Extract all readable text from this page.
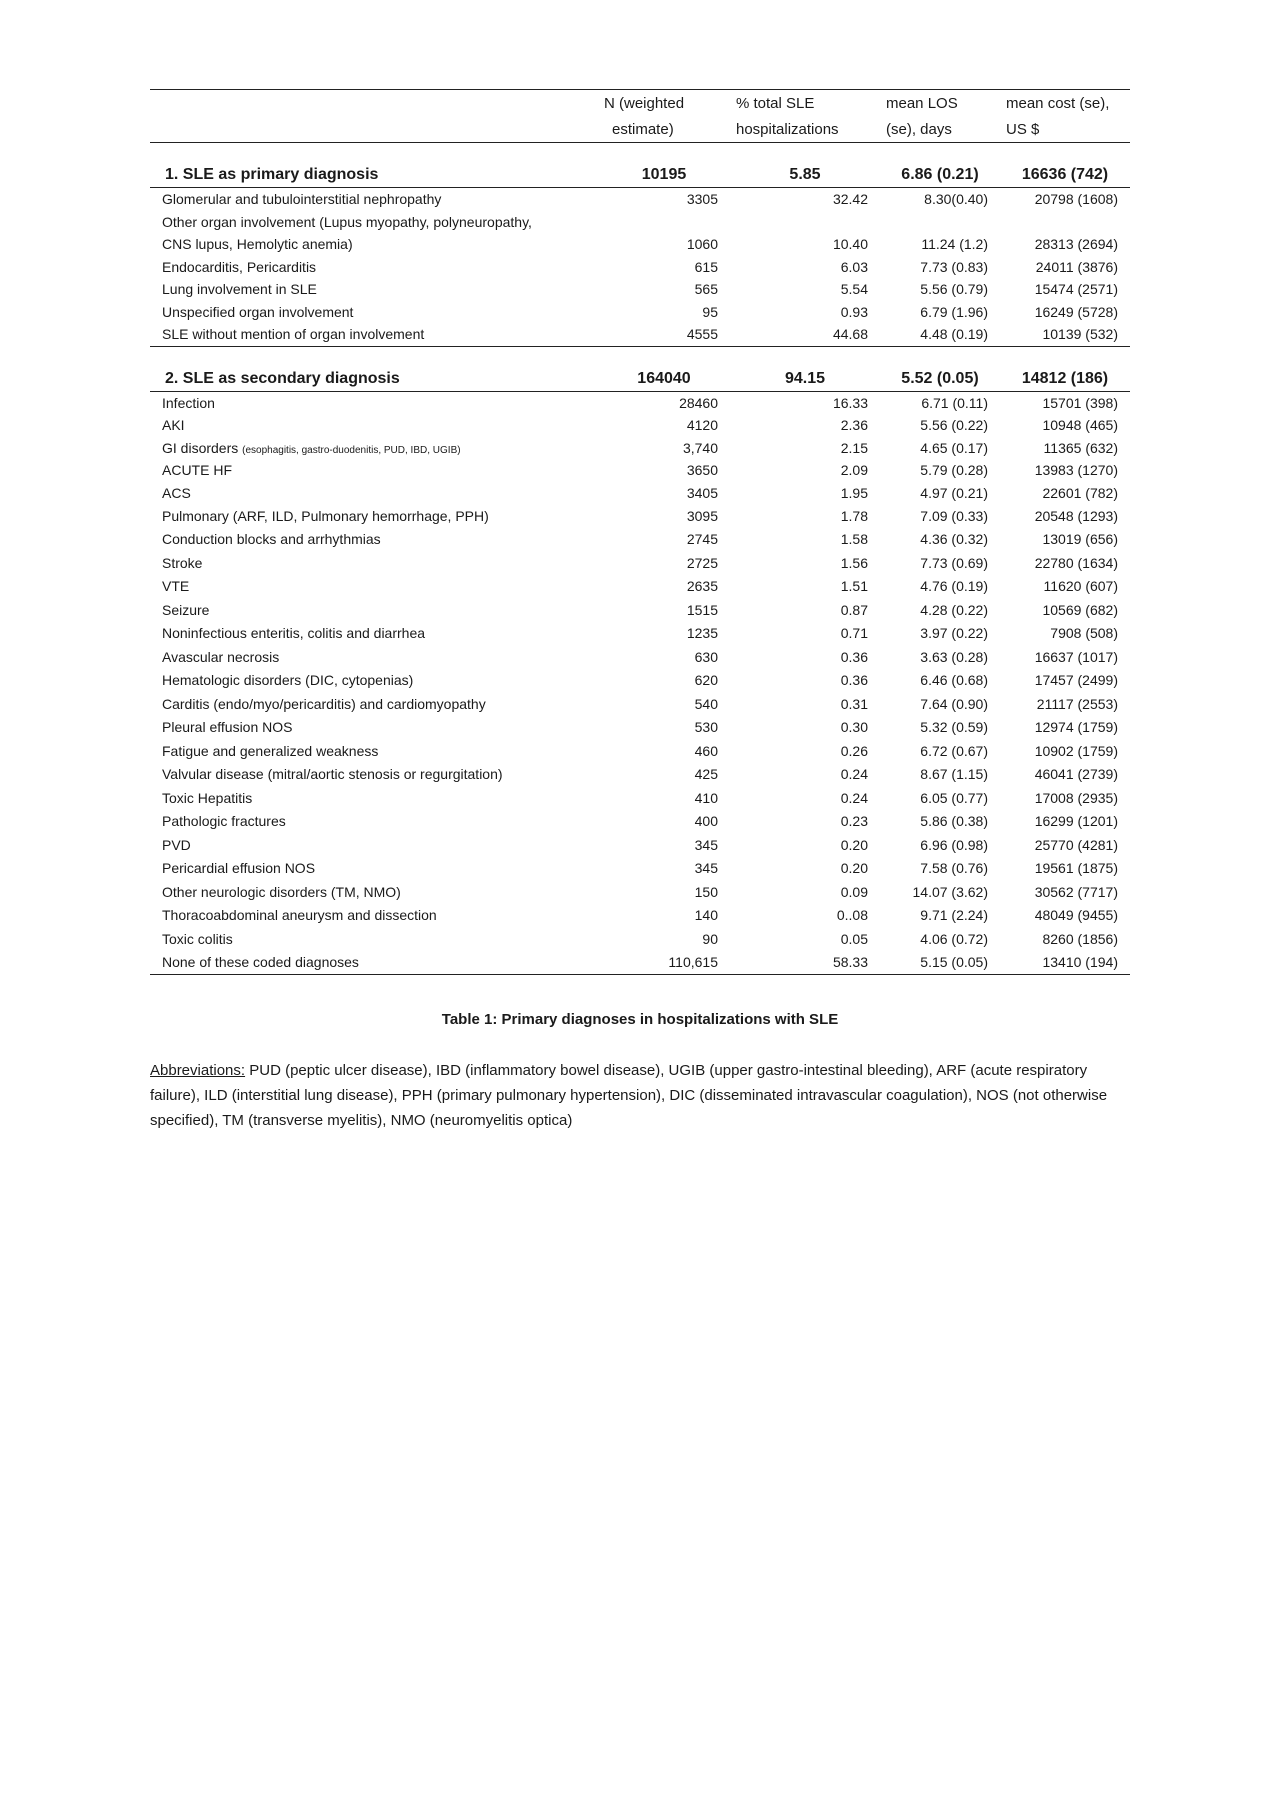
	N (weighted	% total SLE	mean LOS	mean cost (se),
	estimate)	hospitalizations	(se), days	US $

1. SLE as primary diagnosis	10195	5.85	6.86 (0.21)	16636 (742)
Glomerular and tubulointerstitial nephropathy	3305	32.42	8.30(0.40)	20798 (1608)
Other organ involvement (Lupus myopathy, polyneuropathy,				
CNS lupus, Hemolytic anemia)	1060	10.40	11.24 (1.2)	28313 (2694)
Endocarditis, Pericarditis	615	6.03	7.73 (0.83)	24011 (3876)
Lung involvement in SLE	565	5.54	5.56 (0.79)	15474 (2571)
Unspecified organ involvement	95	0.93	6.79 (1.96)	16249 (5728)
SLE without mention of organ involvement	4555	44.68	4.48 (0.19)	10139 (532)

2. SLE as secondary diagnosis	164040	94.15	5.52 (0.05)	14812 (186)
Infection	28460	16.33	6.71 (0.11)	15701 (398)
AKI	4120	2.36	5.56 (0.22)	10948 (465)
GI disorders (esophagitis, gastro-duodenitis, PUD, IBD, UGIB)	3,740	2.15	4.65 (0.17)	11365 (632)
ACUTE HF	3650	2.09	5.79 (0.28)	13983 (1270)
ACS	3405	1.95	4.97 (0.21)	22601 (782)
Pulmonary (ARF, ILD, Pulmonary hemorrhage, PPH)	3095	1.78	7.09 (0.33)	20548 (1293)
Conduction blocks and arrhythmias	2745	1.58	4.36 (0.32)	13019 (656)
Stroke	2725	1.56	7.73 (0.69)	22780 (1634)
VTE	2635	1.51	4.76 (0.19)	11620 (607)
Seizure	1515	0.87	4.28 (0.22)	10569 (682)
Noninfectious enteritis, colitis and diarrhea	1235	0.71	3.97 (0.22)	7908 (508)
Avascular necrosis	630	0.36	3.63 (0.28)	16637 (1017)
Hematologic disorders (DIC, cytopenias)	620	0.36	6.46 (0.68)	17457 (2499)
Carditis (endo/myo/pericarditis) and cardiomyopathy	540	0.31	7.64 (0.90)	21117 (2553)
Pleural effusion NOS	530	0.30	5.32 (0.59)	12974 (1759)
Fatigue and generalized weakness	460	0.26	6.72 (0.67)	10902 (1759)
Valvular disease (mitral/aortic stenosis or regurgitation)	425	0.24	8.67 (1.15)	46041 (2739)
Toxic Hepatitis	410	0.24	6.05 (0.77)	17008 (2935)
Pathologic fractures	400	0.23	5.86 (0.38)	16299 (1201)
PVD	345	0.20	6.96 (0.98)	25770 (4281)
Pericardial effusion NOS	345	0.20	7.58 (0.76)	19561 (1875)
Other neurologic disorders (TM, NMO)	150	0.09	14.07 (3.62)	30562 (7717)
Thoracoabdominal aneurysm and dissection	140	0..08	9.71 (2.24)	48049 (9455)
Toxic colitis	90	0.05	4.06 (0.72)	8260 (1856)
None of these coded diagnoses	110,615	58.33	5.15 (0.05)	13410 (194)
Table 1: Primary diagnoses in hospitalizations with SLE
Abbreviations: PUD (peptic ulcer disease), IBD (inflammatory bowel disease), UGIB (upper gastro-intestinal bleeding), ARF (acute respiratory failure), ILD (interstitial lung disease), PPH (primary pulmonary hypertension), DIC (disseminated intravascular coagulation), NOS (not otherwise specified), TM (transverse myelitis), NMO (neuromyelitis optica)
